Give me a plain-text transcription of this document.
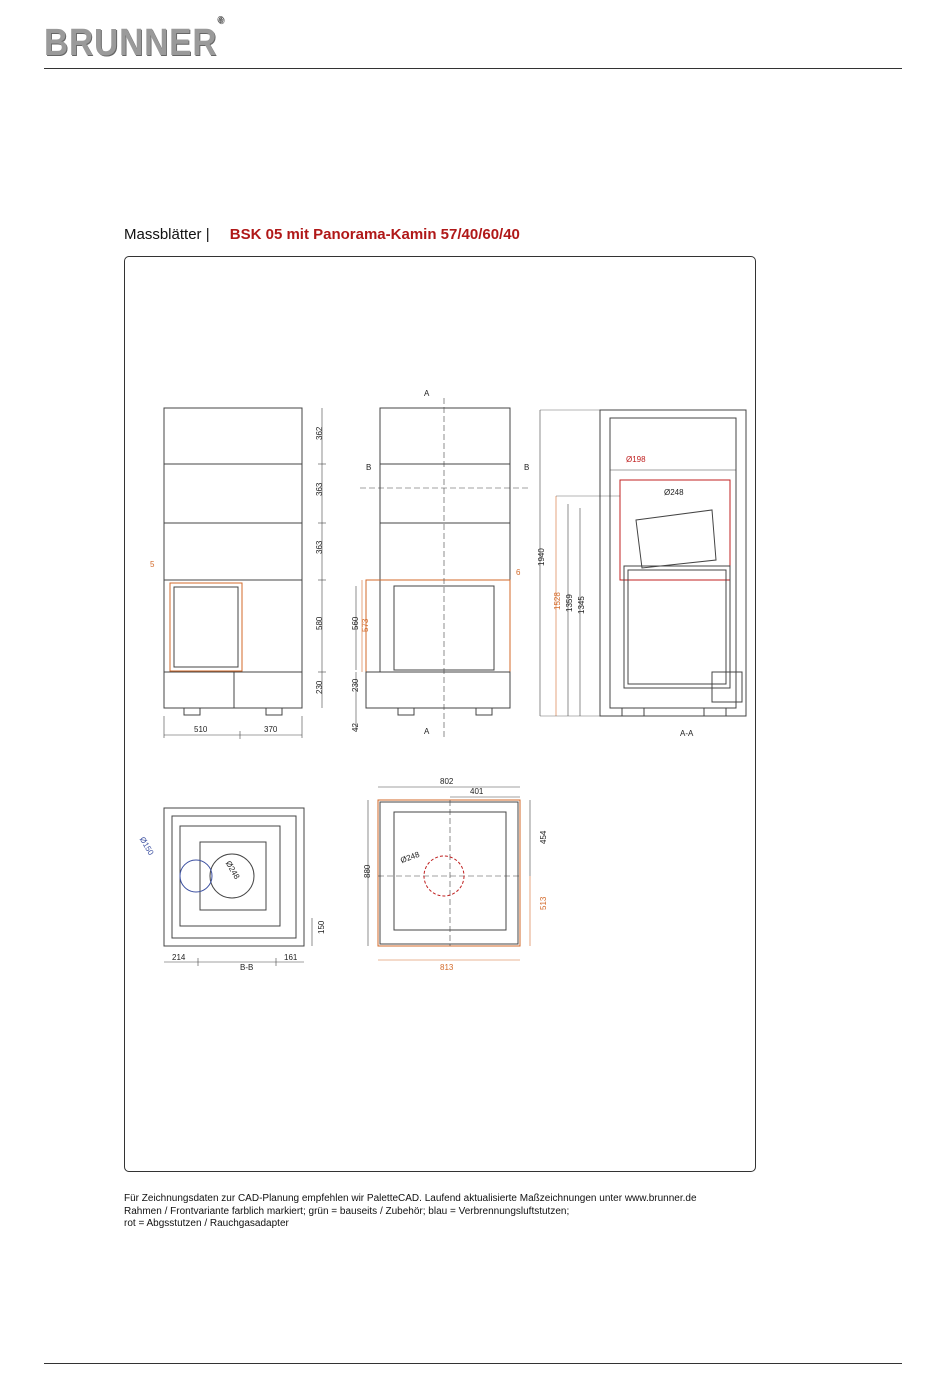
BRUNNER®
Massblätter | BSK 05 mit Panorama-Kamin 57/40/60/40
A
A
B	B
A-A
B-B
362
363
363
580
230
5
510	370
560 573
230
42
6
1940
1528 1359 1345
Ø198
Ø248
Ø150
Ø248
150
214	161
802
401
454
880
513
813
Ø248
Für Zeichnungsdaten zur CAD-Planung empfehlen wir PaletteCAD. Laufend aktualisierte Maßzeichnungen unter www.brunner.de
Rahmen / Frontvariante farblich markiert; grün = bauseits / Zubehör; blau = Verbrennungsluftstutzen;
rot = Abgsstutzen / Rauchgasadapter
